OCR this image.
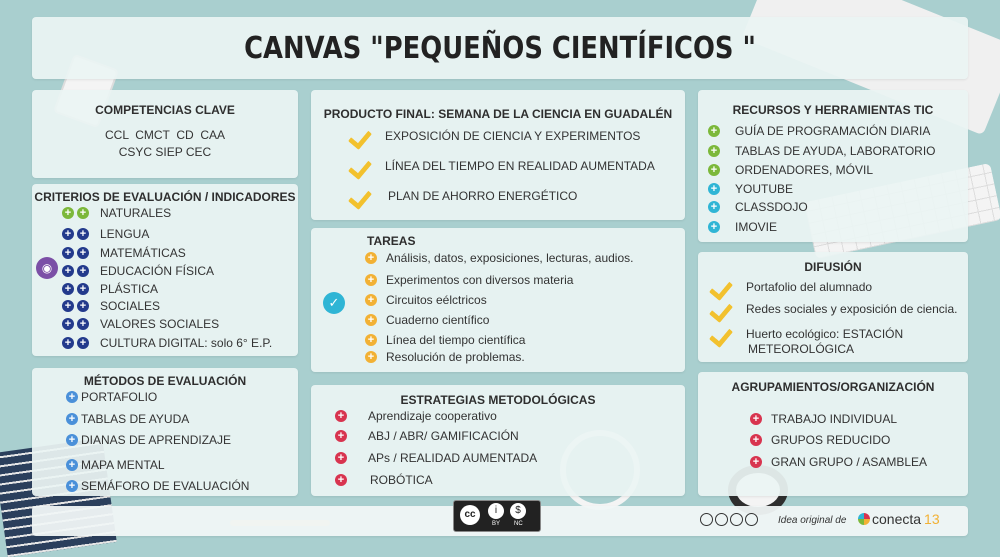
CANVAS "PEQUEÑOS CIENTÍFICOS "
COMPETENCIAS CLAVE
CCL  CMCT  CD  CAA
CSYC SIEP CEC
CRITERIOS DE EVALUACIÓN / INDICADORES
+ + NATURALES
+ + LENGUA
+ + MATEMÁTICAS
+ + EDUCACIÓN FÍSICA
+ + PLÁSTICA
+ + SOCIALES
+ + VALORES SOCIALES
+ + CULTURA DIGITAL: solo 6° E.P.
◉
MÉTODOS DE EVALUACIÓN
+ PORTAFOLIO
+ TABLAS DE AYUDA
+ DIANAS DE APRENDIZAJE
+ MAPA MENTAL
+ SEMÁFORO DE EVALUACIÓN
PRODUCTO FINAL: SEMANA DE LA CIENCIA EN GUADALÉN
EXPOSICIÓN DE CIENCIA Y EXPERIMENTOS
LÍNEA DEL TIEMPO EN REALIDAD AUMENTADA
PLAN DE AHORRO ENERGÉTICO
TAREAS
✓
+ Análisis, datos, exposiciones, lecturas, audios.
+ Experimentos con diversos materia
+ Circuitos eélctricos
+ Cuaderno científico
+ Línea del tiempo científica
+ Resolución de problemas.
ESTRATEGIAS METODOLÓGICAS
+ Aprendizaje cooperativo
+ ABJ / ABR/ GAMIFICACIÓN
+ APs / REALIDAD AUMENTADA
+ ROBÓTICA
RECURSOS Y HERRAMIENTAS TIC
+ GUÍA DE PROGRAMACIÓN DIARIA
+ TABLAS DE AYUDA, LABORATORIO
+ ORDENADORES, MÓVIL
+ YOUTUBE
+ CLASSDOJO
+ IMOVIE
DIFUSIÓN
Portafolio del alumnado
Redes sociales y exposición de ciencia.
Huerto ecológico: ESTACIÓN
METEOROLÓGICA
AGRUPAMIENTOS/ORGANIZACIÓN
+ TRABAJO INDIVIDUAL
+ GRUPOS REDUCIDO
+ GRAN GRUPO / ASAMBLEA
cc	i	$
BY NC	Idea original de conecta 13
